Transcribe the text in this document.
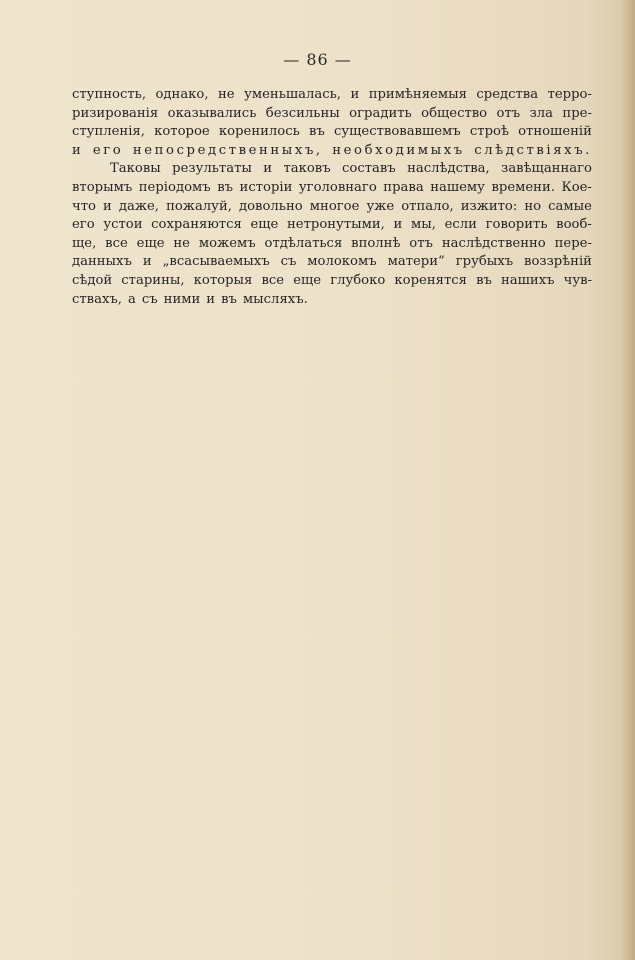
— 86 —
ступность, однако, не уменьшалась, и примѣняемыя средства терро-
ризированія оказывались безсильны оградить общество отъ зла пре-
ступленія, которое коренилось въ существовавшемъ строѣ отношеній
и его непосредственныхъ, необходимыхъ слѣдствіяхъ.
Таковы результаты и таковъ составъ наслѣдства, завѣщаннаго
вторымъ періодомъ въ исторіи уголовнаго права нашему времени. Кое-
что и даже, пожалуй, довольно многое уже отпало, изжито: но самые
его устои сохраняются еще нетронутыми, и мы, если говорить вооб-
ще, все еще не можемъ отдѣлаться вполнѣ отъ наслѣдственно пере-
данныхъ и „всасываемыхъ съ молокомъ матери“ грубыхъ воззрѣній
сѣдой старины, которыя все еще глубоко коренятся въ нашихъ чув-
ствахъ, а съ ними и въ мысляхъ.
